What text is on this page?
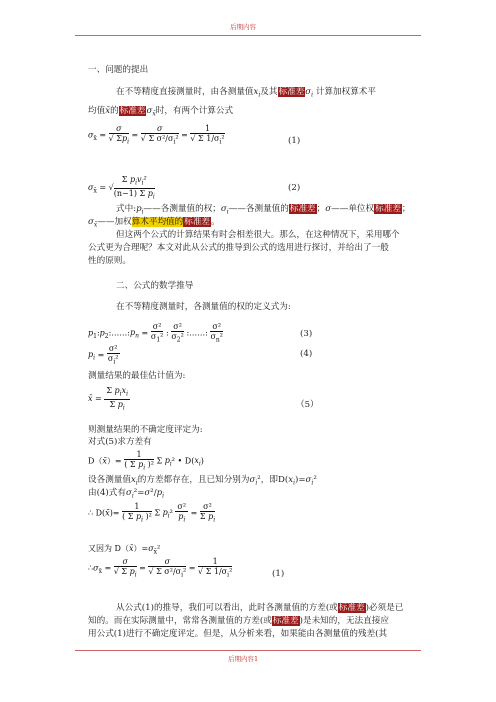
后期内容
一、问题的提出
在不等精度直接测量时，由各测量值$x_i$及其标准差$\sigma_i$ 计算加权算术平
均值x̄的标准差$\sigma_{x̄}$时，有两个计算公式
$\sigma_{x̄} = \frac{\sigma}{√ \Sigma p_i} = \frac{\sigma}{√ \Sigma \sigma^2/\sigma_i^2} = \frac{1}{√ \Sigma 1/\sigma_i^2}$	(1)
$\sigma_{x̄}$ = √ $\frac{\Sigma p_iv_i^2}{(n-1) \Sigma p_i}$	(2)
式中$:p_i——$各测量值的权；$\sigma_i——$各测量值的标准差；σ——单位权标准差；
$\sigma_{x̄}——$加权算术平均值的标准差。
但这两个公式的计算结果有时会相差很大。那么，在这种情况下，采用哪个
公式更为合理呢？本文对此从公式的推导到公式的选用进行探讨，并给出了一般
性的原则。
二、公式的数学推导
在不等精度测量时，各测量值的权的定义式为:
$p_1:p_2:\dots\dots:p_n = \frac{\text{σ²}}{\sigma_1^2}$ : $\frac{\text{σ²}}{\sigma_2^2}$ :……: $\frac{\text{σ²}}{\sigma_n^2}$	(3)
$p_i = \frac{\text{σ²}}{\sigma_i^2}$	(4)
测量结果的最佳估计值为:
x̄ = $\frac{\Sigma p_ix_i}{\Sigma p_i}$	（5）
则测量结果的不确定度评定为:
对式(5)求方差有
D（x̄）= $\frac{1}{( \Sigma p_i )^2}$ Σ $p_i^2$ • $D(x_i)$
设各测量值$x_i$的方差都存在，且已知分别为$\sigma_i^2$，即$D(x_i)=\sigma_i^2$
由(4)式有$\sigma_i^2=\sigma^2/p_i$
∴ D(x̄)= $\frac{1}{( \Sigma p_i )^2}$ Σ $p_i^2 \frac{\text{σ²}}{p_i} = \frac{\text{σ²}}{\Sigma p_i}$
又因为 $D(x̄)=\sigma_{x̄}^2$
$\therefore\sigma_{x̄} = \frac{\sigma}{√ \Sigma p_i} = \frac{\sigma}{√ \Sigma \sigma^2/\sigma_i^2} = \frac{1}{√ \Sigma 1/\sigma_i^2}$	(1)
从公式(1)的推导，我们可以看出，此时各测量值的方差(或标准差)必须是已
知的。而在实际测量中，常常各测量值的方差(或标准差)是未知的，无法直接应
用公式(1)进行不确定度评定。但是，从分析来看，如果能由各测量值的残差(其
后期内容1
